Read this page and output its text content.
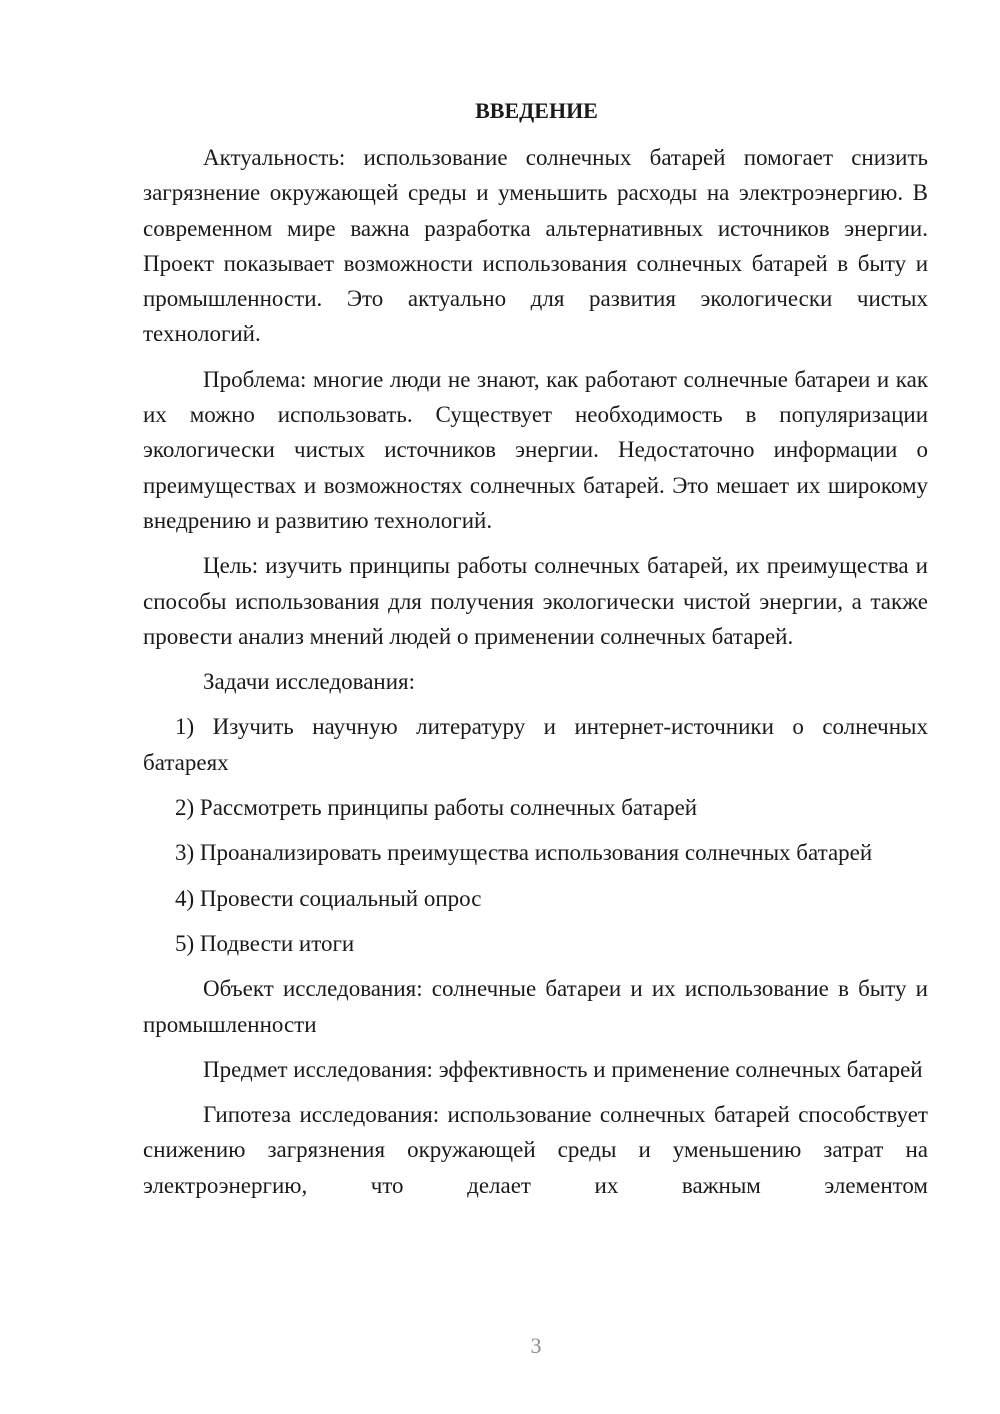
ВВЕДЕНИЕ

Актуальность: использование солнечных батарей помогает снизить загрязнение окружающей среды и уменьшить расходы на электроэнергию. В современном мире важна разработка альтернативных источников энергии. Проект показывает возможности использования солнечных батарей в быту и промышленности. Это актуально для развития экологически чистых технологий.

Проблема: многие люди не знают, как работают солнечные батареи и как их можно использовать. Существует необходимость в популяризации экологически чистых источников энергии. Недостаточно информации о преимуществах и возможностях солнечных батарей. Это мешает их широкому внедрению и развитию технологий.

Цель: изучить принципы работы солнечных батарей, их преимущества и способы использования для получения экологически чистой энергии, а также провести анализ мнений людей о применении солнечных батарей.

Задачи исследования:

1) Изучить научную литературу и интернет-источники о солнечных батареях

2) Рассмотреть принципы работы солнечных батарей

3) Проанализировать преимущества использования солнечных батарей

4) Провести социальный опрос

5) Подвести итоги

Объект исследования: солнечные батареи и их использование в быту и промышленности

Предмет исследования: эффективность и применение солнечных батарей

Гипотеза исследования: использование солнечных батарей способствует снижению загрязнения окружающей среды и уменьшению затрат на электроэнергию, что делает их важным элементом

3
